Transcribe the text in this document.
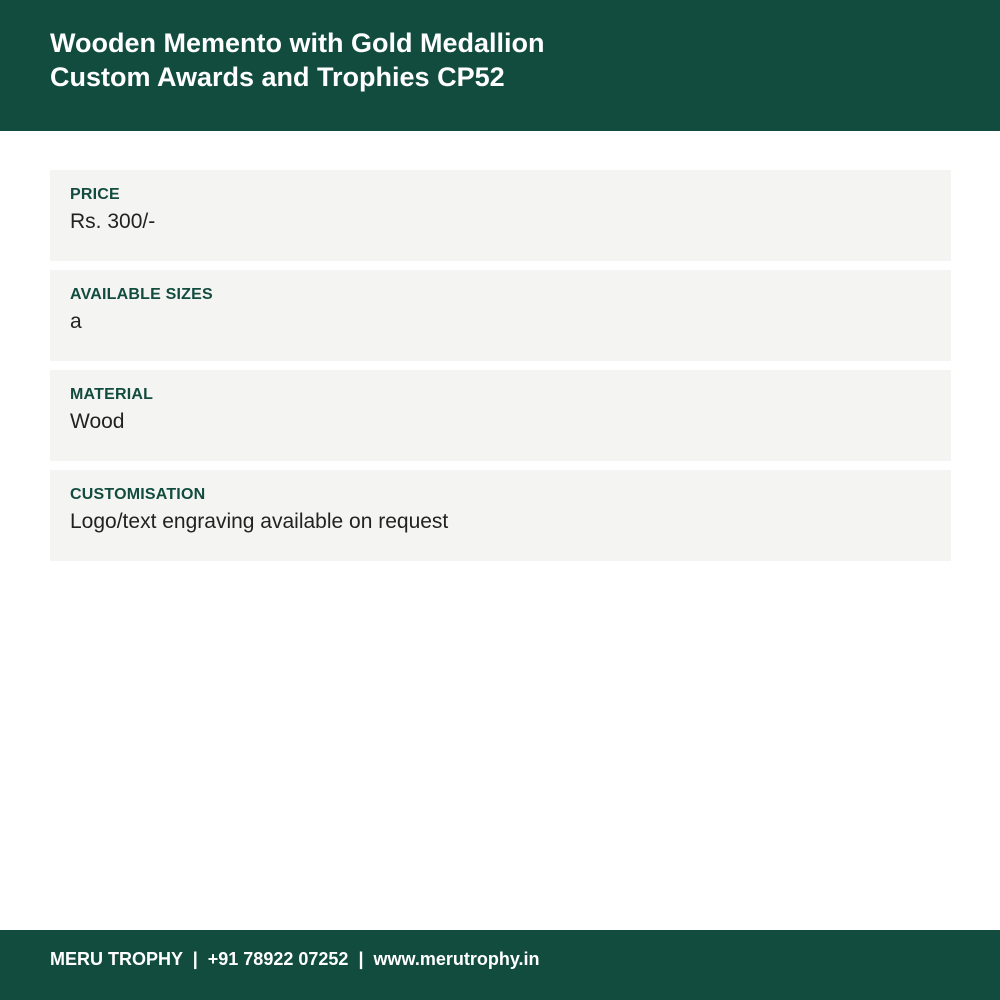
Wooden Memento with Gold Medallion
Custom Awards and Trophies CP52
PRICE
Rs. 300/-
AVAILABLE SIZES
a
MATERIAL
Wood
CUSTOMISATION
Logo/text engraving available on request
MERU TROPHY | +91 78922 07252 | www.merutrophy.in
